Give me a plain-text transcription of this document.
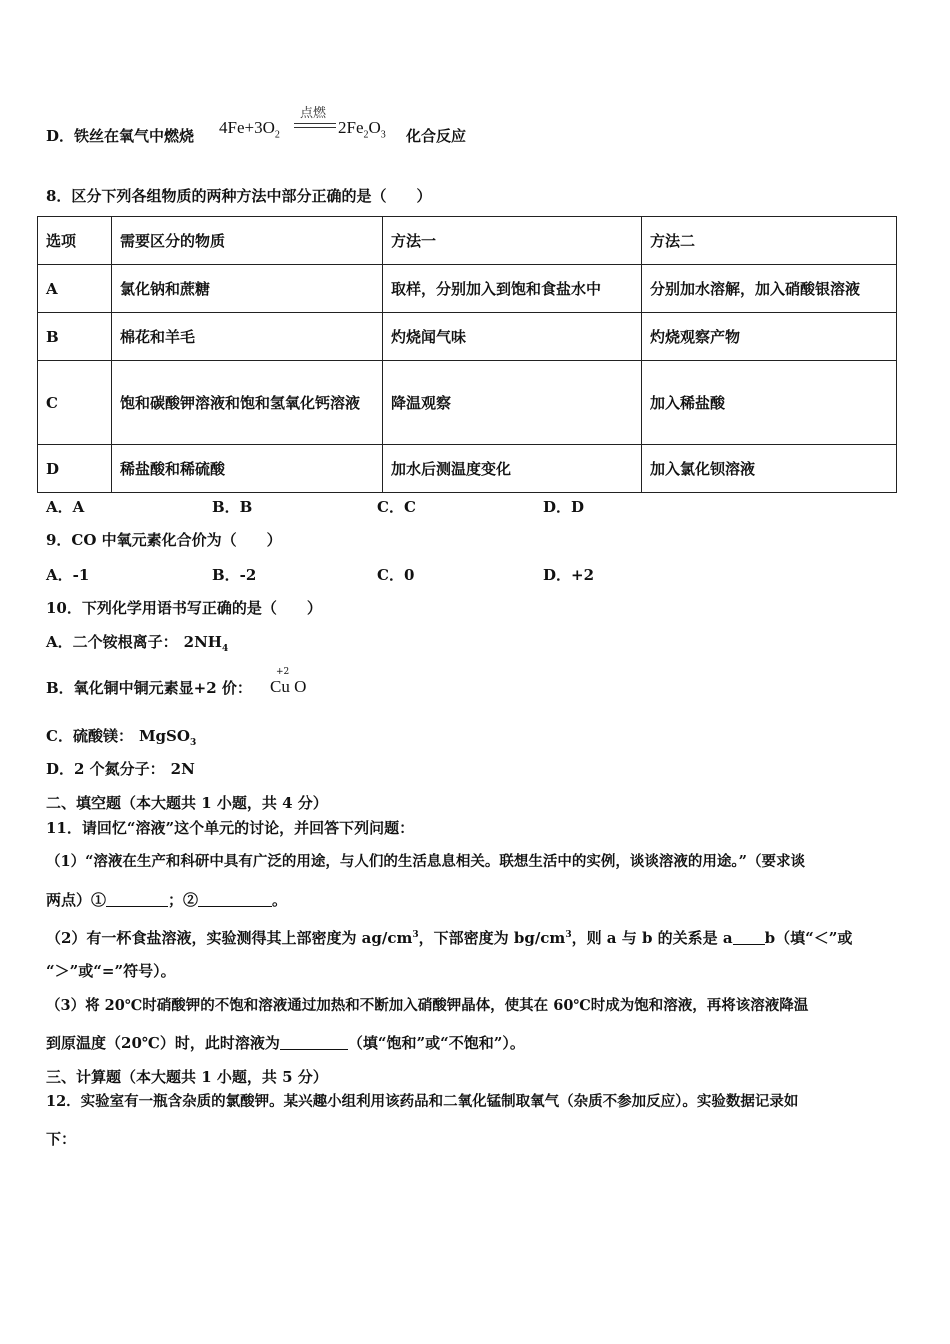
D．铁丝在氧气中燃烧
点燃
$4Fe+3O_2$	$2Fe_2O_3$ 化合反应
8．区分下列各组物质的两种方法中部分正确的是（　　）
选项	需要区分的物质	方法一	方法二
A	氯化钠和蔗糖	取样，分别加入到饱和食盐水中	分别加水溶解，加入硝酸银溶液
B	棉花和羊毛	灼烧闻气味	灼烧观察产物
C	饱和碳酸钾溶液和饱和氢氧化钙溶液	降温观察	加入稀盐酸
D	稀盐酸和稀硫酸	加水后测温度变化	加入氯化钡溶液
A．A	B．B	C．C	D．D
9．CO 中氧元素化合价为（　　）
A．-1	B．-2	C．0	D．+2
10．下列化学用语书写正确的是（　　）
A．二个铵根离子： $2NH_4$
B．氧化铜中铜元素显+2 价：
+2
Cu O
C．硫酸镁： MgSO$_3$
D．2 个氮分子： 2N
二、填空题（本大题共 1 小题，共 4 分）
11．请回忆“溶液”这个单元的讨论，并回答下列问题：
（1）“溶液在生产和科研中具有广泛的用途，与人们的生活息息相关。联想生活中的实例，谈谈溶液的用途。”（要求谈
两点）①	；②	。
（2）有一杯食盐溶液，实验测得其上部密度为 $ag/cm^3$，下部密度为 $bg/cm^3$，则 a 与 b 的关系是 a b（填“＜”或
“＞”或“=”符号）。
（3）将 20℃时硝酸钾的不饱和溶液通过加热和不断加入硝酸钾晶体，使其在 60℃时成为饱和溶液，再将该溶液降温
到原温度（20℃）时，此时溶液为	（填“饱和”或“不饱和”）。
三、计算题（本大题共 1 小题，共 5 分）
12．实验室有一瓶含杂质的氯酸钾。某兴趣小组利用该药品和二氧化锰制取氧气（杂质不参加反应）。实验数据记录如
下：
